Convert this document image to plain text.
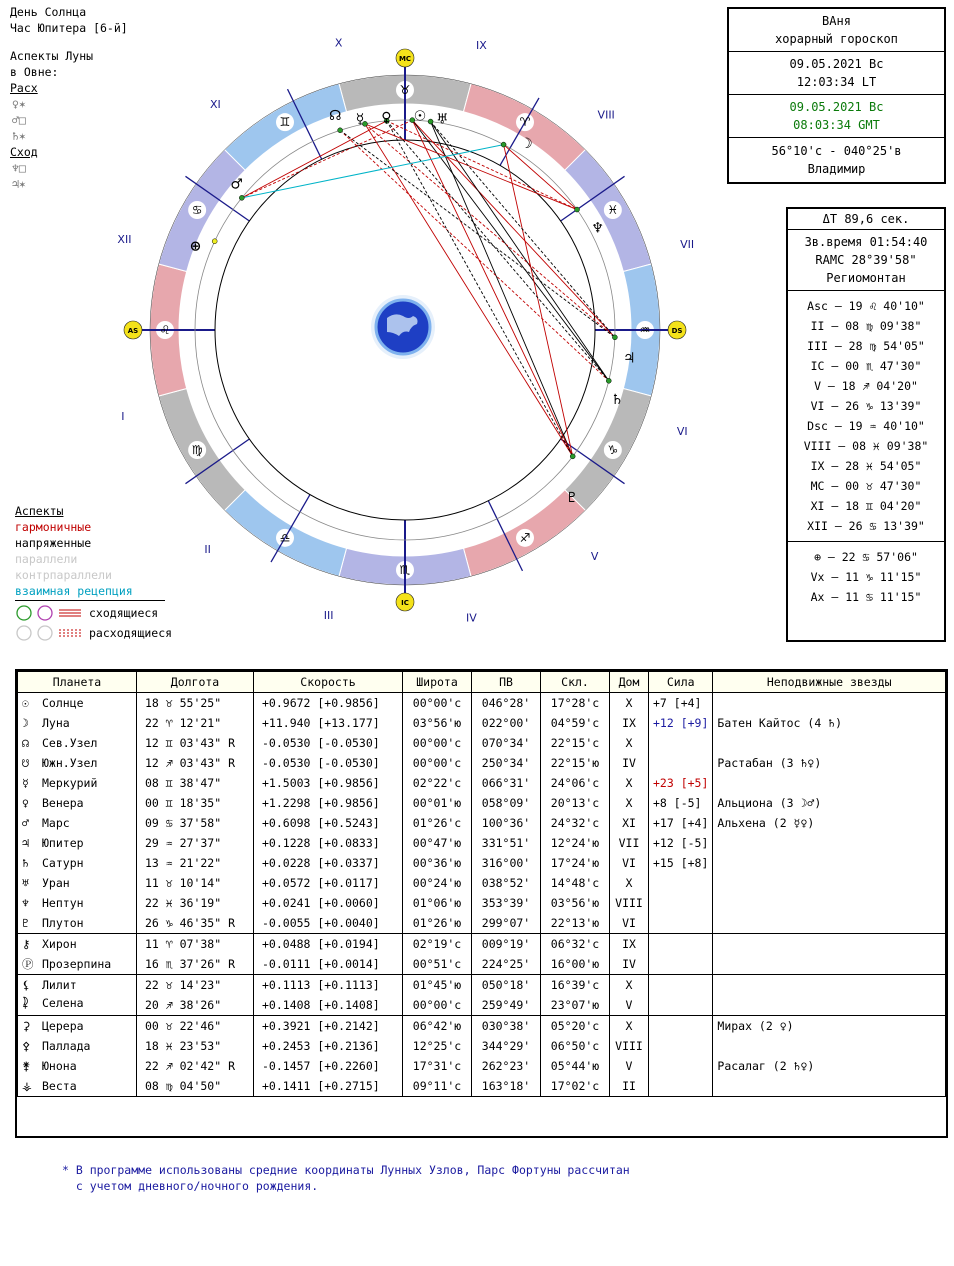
День Солнца
Час Юпитера [6-й]
Аспекты Луны
в Овне:
Расх
♀✶
♂□
♄✶
Сход
♆□
♃✶
♉
♈
♓
♒
♑
♐
♏
♎
♍
♌
♋
♊
I
II
III	IV
V
VI
VII
VIII
IX
X
XI
XII
MC
DS
IC
AS
☊ ☿ ♀ ☉ ♅
☽
♆
♃
♄
♇
♂
⊕
ВАня
хорарный гороскоп
09.05.2021 Вс
12:03:34 LT
09.05.2021 Вс
08:03:34 GMT
56°10'с - 040°25'в
Владимир
ΔT 89,6 сек.
Зв.время 01:54:40
RAMC 28°39'58"
Региомонтан
Asc – 19 ♌ 40'10"
II – 08 ♍ 09'38"
III – 28 ♍ 54'05"
IC – 00 ♏ 47'30"
V – 18 ♐ 04'20"
VI – 26 ♑ 13'39"
Dsc – 19 ♒ 40'10"
VIII – 08 ♓ 09'38"
IX – 28 ♓ 54'05"
MC – 00 ♉ 47'30"
XI – 18 ♊ 04'20"
XII – 26 ♋ 13'39"
⊕ – 22 ♋ 57'06"
Vx – 11 ♑ 11'15"
Ax – 11 ♋ 11'15"
Аспекты
гармоничные
напряженные
параллели
контрпараллели
взаимная рецепция
сходящиеся
расходящиеся
Планета	Долгота	Скорость	Широта	ПВ	Скл.	Дом	Сила	Неподвижные звезды
☉ Солнце	18 ♉ 55'25"	+0.9672 [+0.9856]	00°00'с	046°28'	17°28'с	X	+7 [+4]	
☽ Луна	22 ♈ 12'21"	+11.940 [+13.177]	03°56'ю	022°00'	04°59'с	IX	+12 [+9]	Батен Кайтос (4 ♄)
☊ Сев.Узел	12 ♊ 03'43" R	-0.0530 [-0.0530]	00°00'с	070°34'	22°15'с	X		
☋ Южн.Узел	12 ♐ 03'43" R	-0.0530 [-0.0530]	00°00'с	250°34'	22°15'ю	IV		Растабан (3 ♄♀)
☿ Меркурий	08 ♊ 38'47"	+1.5003 [+0.9856]	02°22'с	066°31'	24°06'с	X	+23 [+5]	
♀ Венера	00 ♊ 18'35"	+1.2298 [+0.9856]	00°01'ю	058°09'	20°13'с	X	+8 [-5]	Альциона (3 ☽♂)
♂ Марс	09 ♋ 37'58"	+0.6098 [+0.5243]	01°26'с	100°36'	24°32'с	XI	+17 [+4]	Альхена (2 ☿♀)
♃ Юпитер	29 ♒ 27'37"	+0.1228 [+0.0833]	00°47'ю	331°51'	12°24'ю	VII	+12 [-5]	
♄ Сатурн	13 ♒ 21'22"	+0.0228 [+0.0337]	00°36'ю	316°00'	17°24'ю	VI	+15 [+8]	
♅ Уран	11 ♉ 10'14"	+0.0572 [+0.0117]	00°24'ю	038°52'	14°48'с	X		
♆ Нептун	22 ♓ 36'19"	+0.0241 [+0.0060]	01°06'ю	353°39'	03°56'ю	VIII		
♇ Плутон	26 ♑ 46'35" R	-0.0055 [+0.0040]	01°26'ю	299°07'	22°13'ю	VI		
⚷ Хирон	11 ♈ 07'38"	+0.0488 [+0.0194]	02°19'с	009°19'	06°32'с	IX		
Ⓟ Прозерпина	16 ♏ 37'26" R	-0.0111 [+0.0014]	00°51'с	224°25'	16°00'ю	IV		
⚸ Лилит	22 ♉ 14'23"	+0.1113 [+0.1113]	01°45'ю	050°18'	16°39'с	X		
⯝ Селена	20 ♐ 38'26"	+0.1408 [+0.1408]	00°00'с	259°49'	23°07'ю	V		
⚳ Церера	00 ♉ 22'46"	+0.3921 [+0.2142]	06°42'ю	030°38'	05°20'с	X		Мирах (2 ♀)
⚴ Паллада	18 ♓ 23'53"	+0.2453 [+0.2136]	12°25'с	344°29'	06°50'с	VIII		
⚵ Юнона	22 ♐ 02'42" R	-0.1457 [+0.2260]	17°31'с	262°23'	05°44'ю	V		Расалаг (2 ♄♀)
⚶ Веста	08 ♍ 04'50"	+0.1411 [+0.2715]	09°11'с	163°18'	17°02'с	II		

* В программе использованы средние координаты Лунных Узлов, Парс Фортуны рассчитан
с учетом дневного/ночного рождения.
